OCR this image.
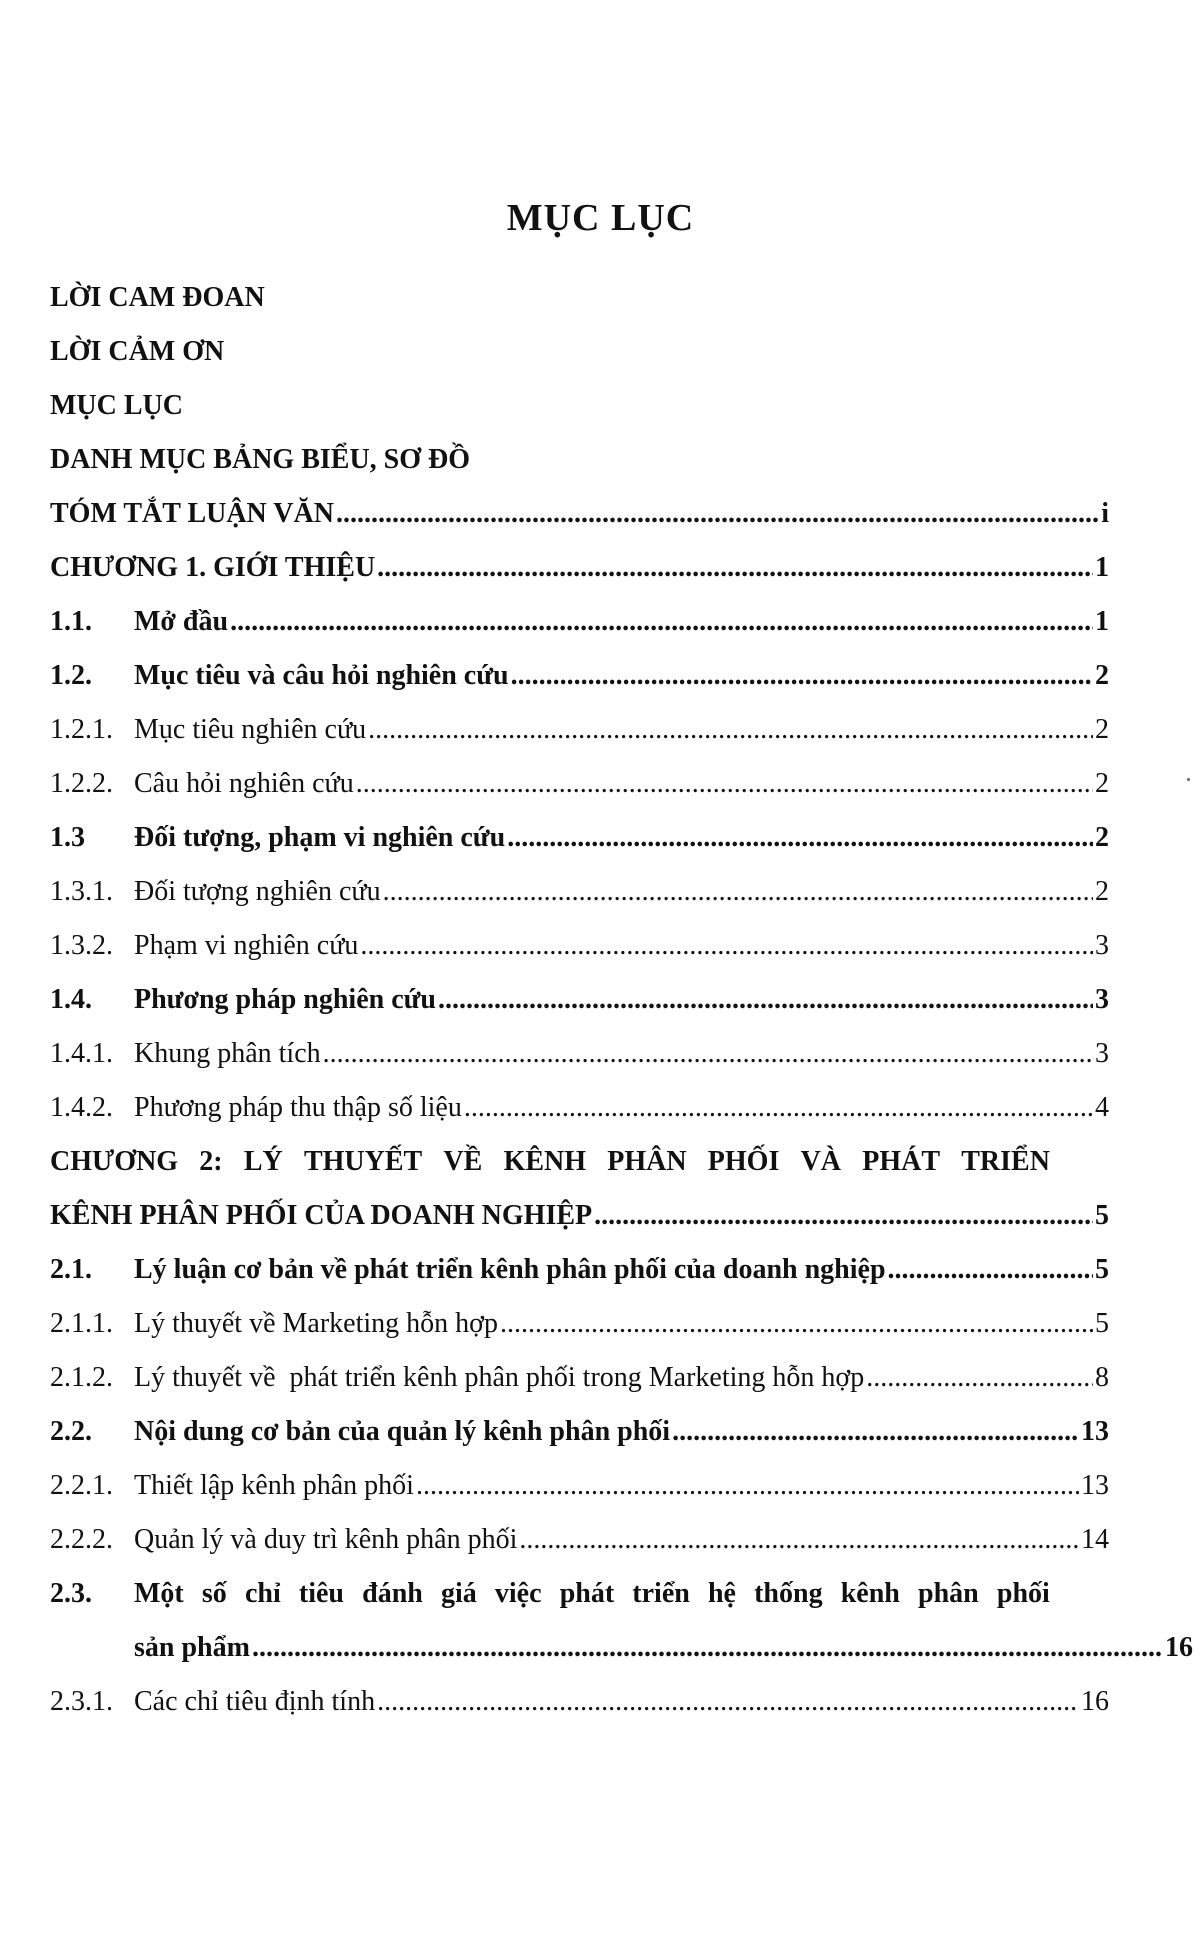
MỤC LỤC
LỜI CAM ĐOAN
LỜI CẢM ƠN
MỤC LỤC
DANH MỤC BẢNG BIỂU, SƠ ĐỒ
TÓM TẮT LUẬN VĂN .....	i
CHƯƠNG 1. GIỚI THIỆU .....	1
1.1.	Mở đầu .....	1
1.2.	Mục tiêu và câu hỏi nghiên cứu .....	2
1.2.1. Mục tiêu nghiên cứu .....	2
1.2.2. Câu hỏi nghiên cứu .....	2
1.3	Đối tượng, phạm vi nghiên cứu .....	2
1.3.1. Đối tượng nghiên cứu .....	2
1.3.2. Phạm vi nghiên cứu .....	3
1.4.	Phương pháp nghiên cứu .....	3
1.4.1. Khung phân tích .....	3
1.4.2. Phương pháp thu thập số liệu .....	4
CHƯƠNG 2: LÝ THUYẾT VỀ KÊNH PHÂN PHỐI VÀ PHÁT TRIỂN
KÊNH PHÂN PHỐI CỦA DOANH NGHIỆP .....	5
2.1.	Lý luận cơ bản về phát triển kênh phân phối của doanh nghiệp .....	5
2.1.1. Lý thuyết về Marketing hỗn hợp .....	5
2.1.2. Lý thuyết về  phát triển kênh phân phối trong Marketing hỗn hợp .....	8
2.2.	Nội dung cơ bản của quản lý kênh phân phối .....	13
2.2.1. Thiết lập kênh phân phối .....	13
2.2.2. Quản lý và duy trì kênh phân phối .....	14
2.3.	Một số chỉ tiêu đánh giá việc phát triển hệ thống kênh phân phối
sản phẩm .....	16
2.3.1. Các chỉ tiêu định tính .....	16
